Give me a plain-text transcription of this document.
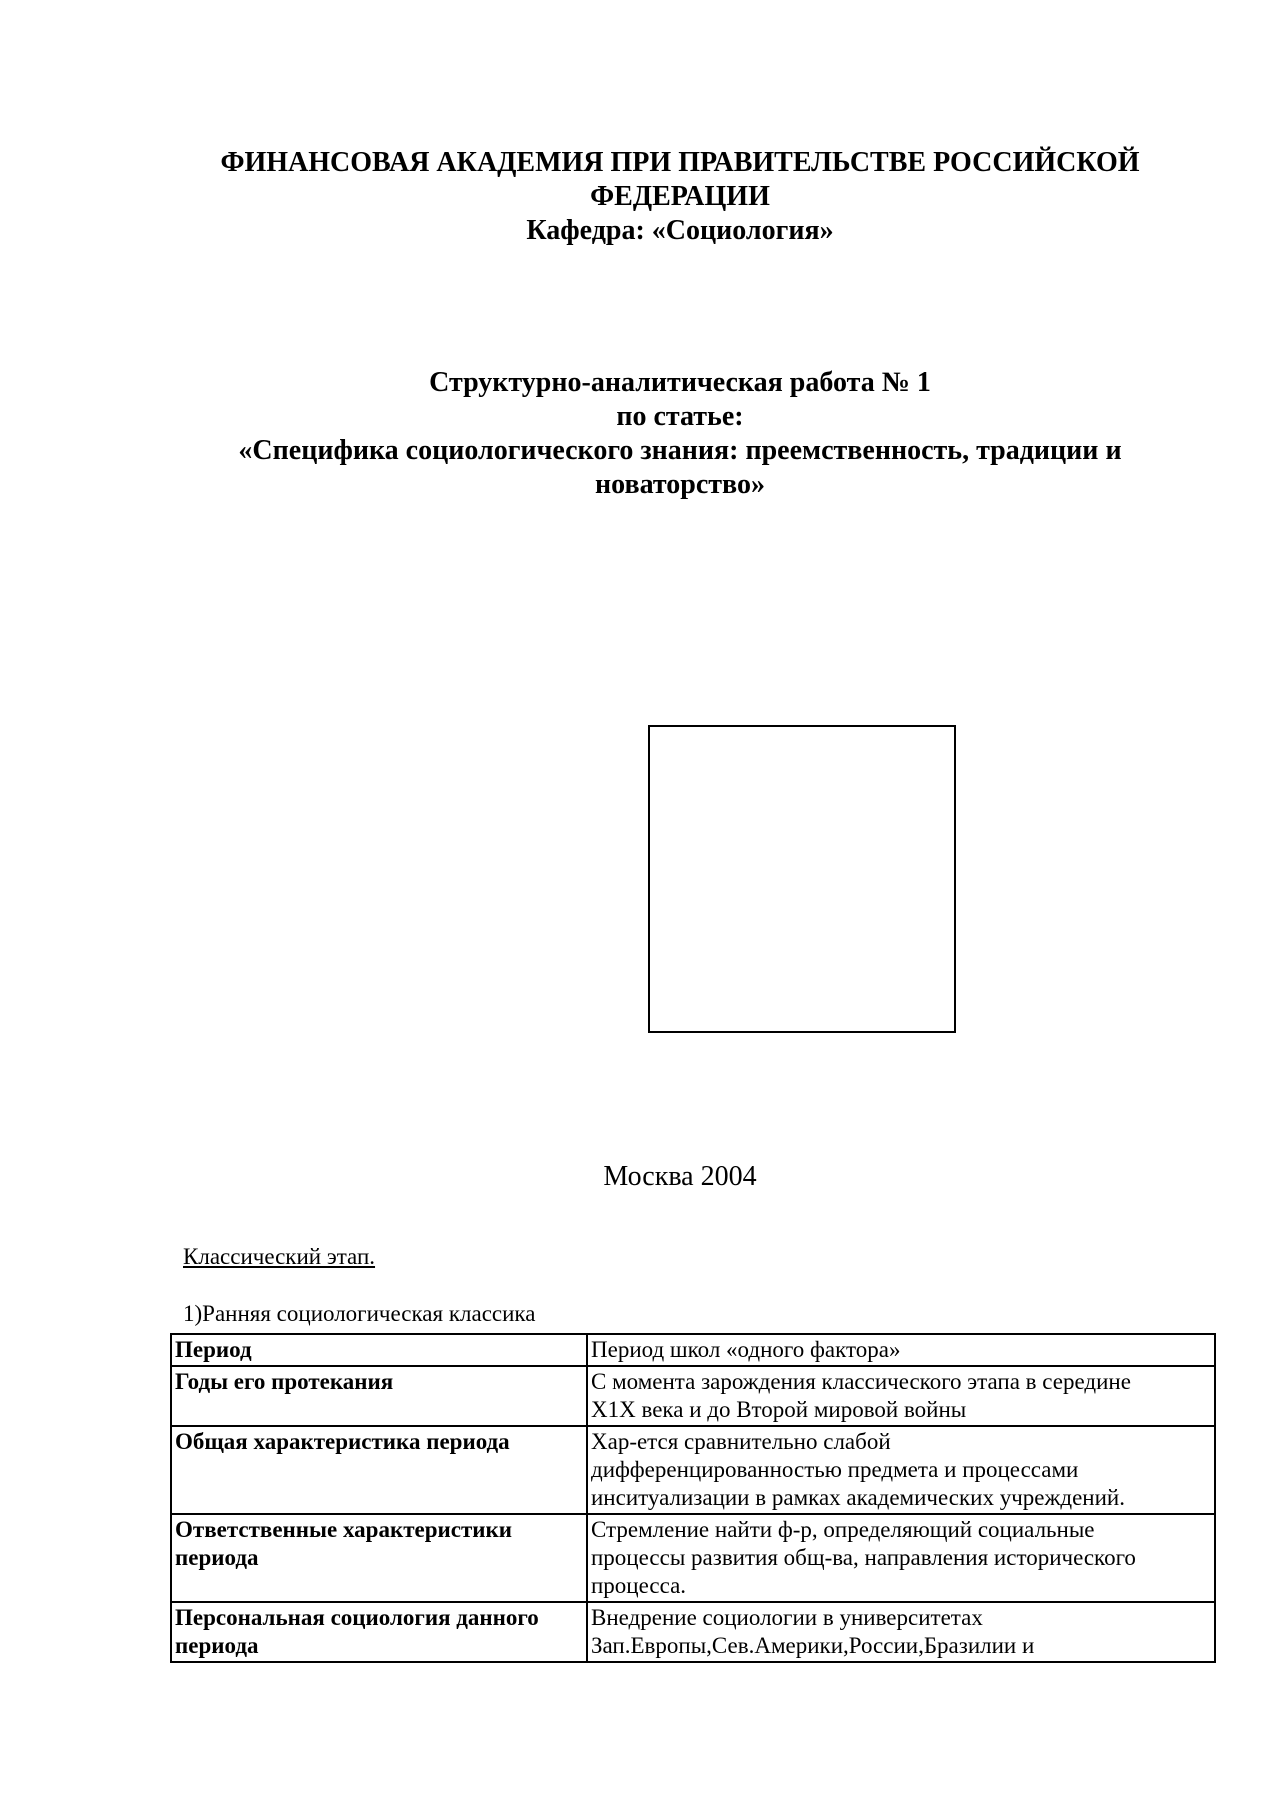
ФИНАНСОВАЯ АКАДЕМИЯ ПРИ ПРАВИТЕЛЬСТВЕ РОССИЙСКОЙ
ФЕДЕРАЦИИ
Кафедра: «Социология»
Структурно-аналитическая работа № 1
по статье:
«Специфика социологического знания: преемственность, традиции и
новаторство»
Москва 2004
Классический этап.
1)Ранняя социологическая классика
Период	Период школ «одного фактора»

Годы его протекания	С момента зарождения классического этапа в середине
Х1Х века и до Второй мировой войны

Общая характеристика периода	Хар-ется сравнительно слабой
дифференцированностью предмета и процессами
инситуализации в рамках академических учреждений.

Ответственные характеристики периода	Стремление найти ф-р, определяющий социальные
процессы развития общ-ва, направления исторического
процесса.

Персональная социология данного периода	Внедрение социологии в университетах
Зап.Европы,Сев.Америки,России,Бразилии и
